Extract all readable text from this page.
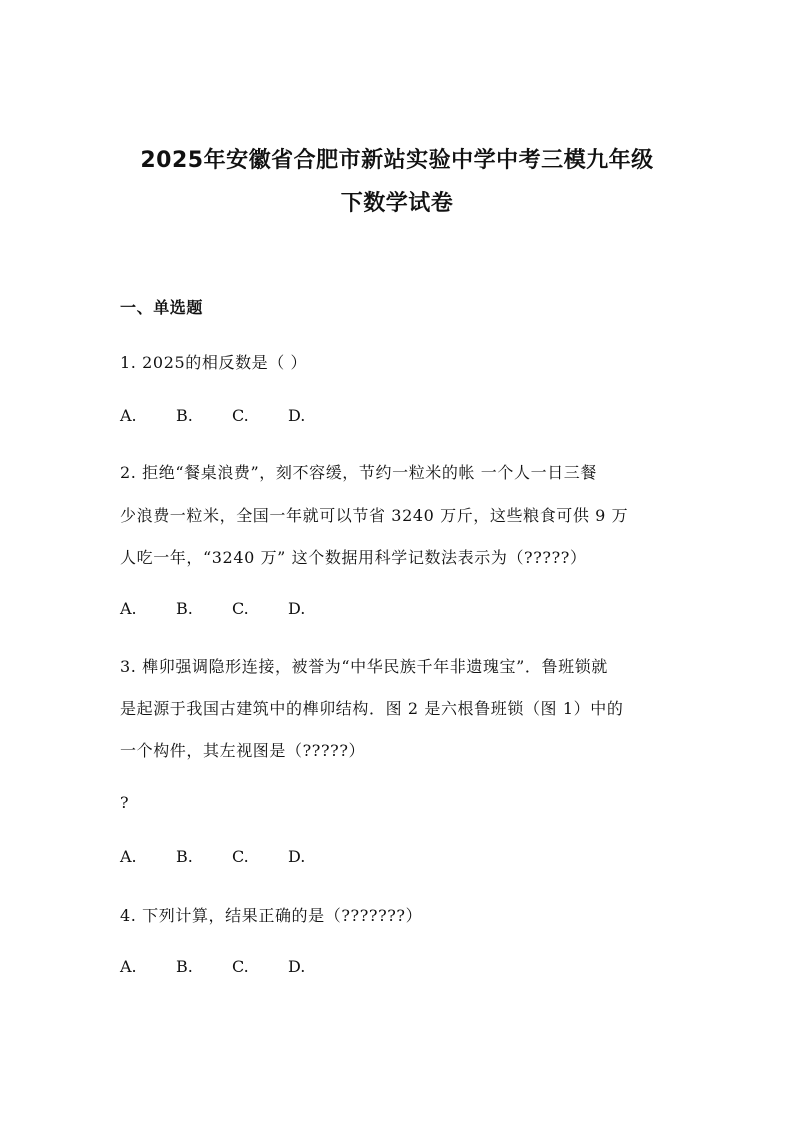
2025年安徽省合肥市新站实验中学中考三模九年级
下数学试卷
一、单选题
1. 2025的相反数是（ ）
A. B. C. D.
2. 拒绝“餐桌浪费”，刻不容缓，节约一粒米的帐 一个人一日三餐
少浪费一粒米，全国一年就可以节省 3240 万斤，这些粮食可供 9 万
人吃一年，“3240 万” 这个数据用科学记数法表示为（?????）
A. B. C. D.
3. 榫卯强调隐形连接，被誉为“中华民族千年非遗瑰宝”．鲁班锁就
是起源于我国古建筑中的榫卯结构．图 2 是六根鲁班锁（图 1）中的
一个构件，其左视图是（?????）
?
A. B. C. D.
4. 下列计算，结果正确的是（???????）
A. B. C. D.
